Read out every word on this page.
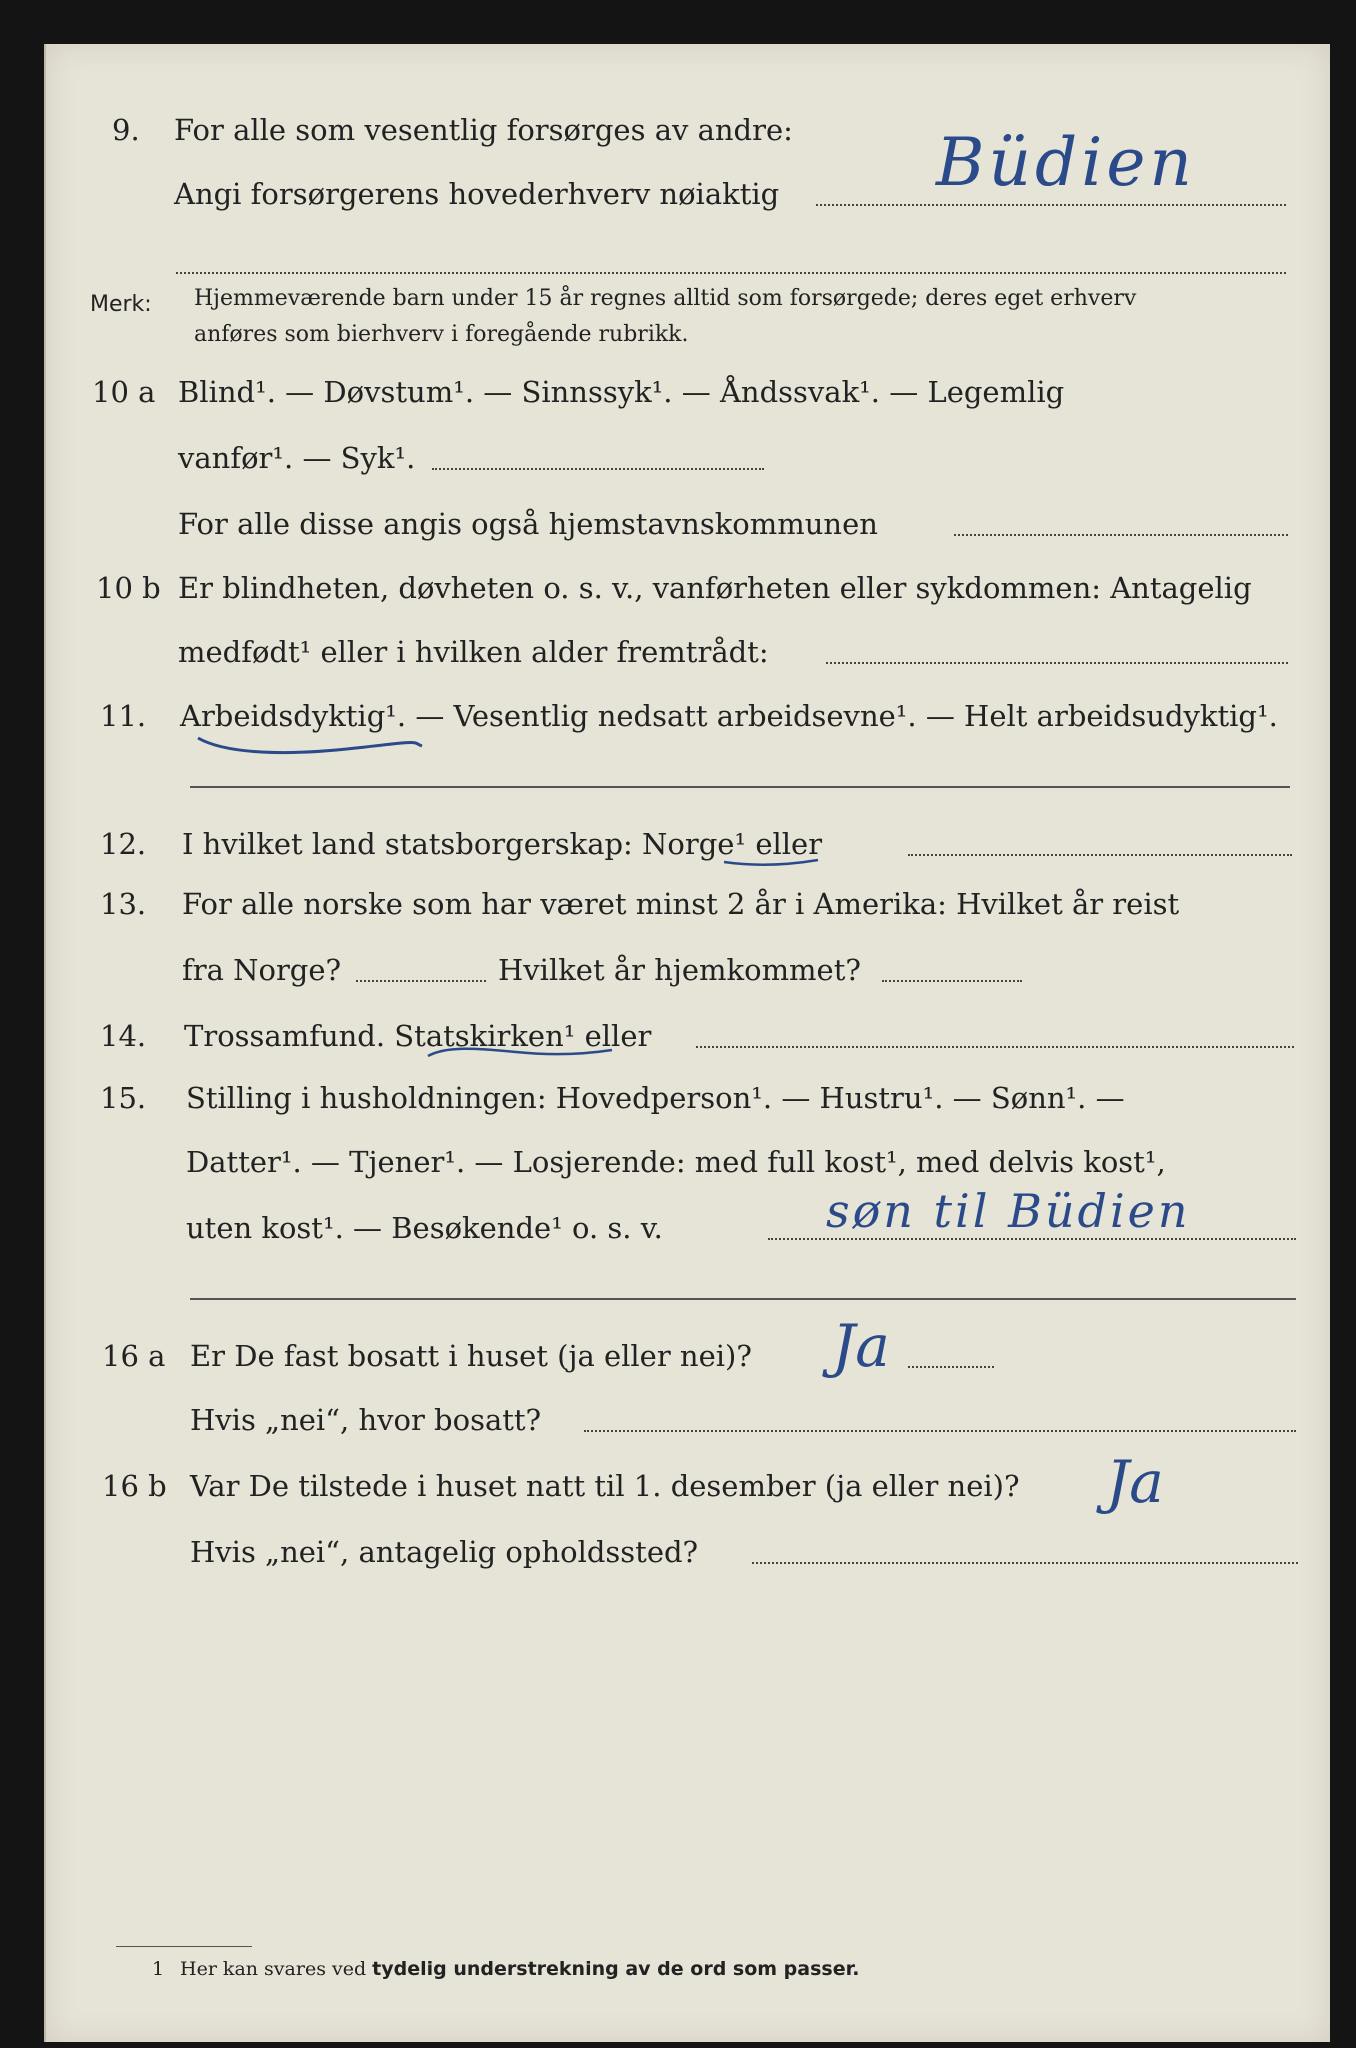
9. For alle som vesentlig forsørges av andre:
Angi forsørgerens hovederhverv nøiaktig Büdien
Merk: Hjemmeværende barn under 15 år regnes alltid som forsørgede; deres eget erhverv
anføres som bierhverv i foregående rubrikk.
10 a Blind¹. — Døvstum¹. — Sinnssyk¹. — Åndssvak¹. — Legemlig
vanfør¹. — Syk¹.
For alle disse angis også hjemstavnskommunen
10 b Er blindheten, døvheten o. s. v., vanførheten eller sykdommen: Antagelig
medfødt¹ eller i hvilken alder fremtrådt:
11. Arbeidsdyktig¹. — Vesentlig nedsatt arbeidsevne¹. — Helt arbeidsudyktig¹.
12. I hvilket land statsborgerskap: Norge¹ eller
13. For alle norske som har været minst 2 år i Amerika: Hvilket år reist
fra Norge?	Hvilket år hjemkommet?
14. Trossamfund. Statskirken¹ eller
15. Stilling i husholdningen: Hovedperson¹. — Hustru¹. — Sønn¹. —
Datter¹. — Tjener¹. — Losjerende: med full kost¹, med delvis kost¹,
uten kost¹. — Besøkende¹ o. s. v.	søn til Büdien
16 a Er De fast bosatt i huset (ja eller nei)? Ja
Hvis „nei“, hvor bosatt?
16 b Var De tilstede i huset natt til 1. desember (ja eller nei)? Ja
Hvis „nei“, antagelig opholdssted?
1 Her kan svares ved tydelig understrekning av de ord som passer.
